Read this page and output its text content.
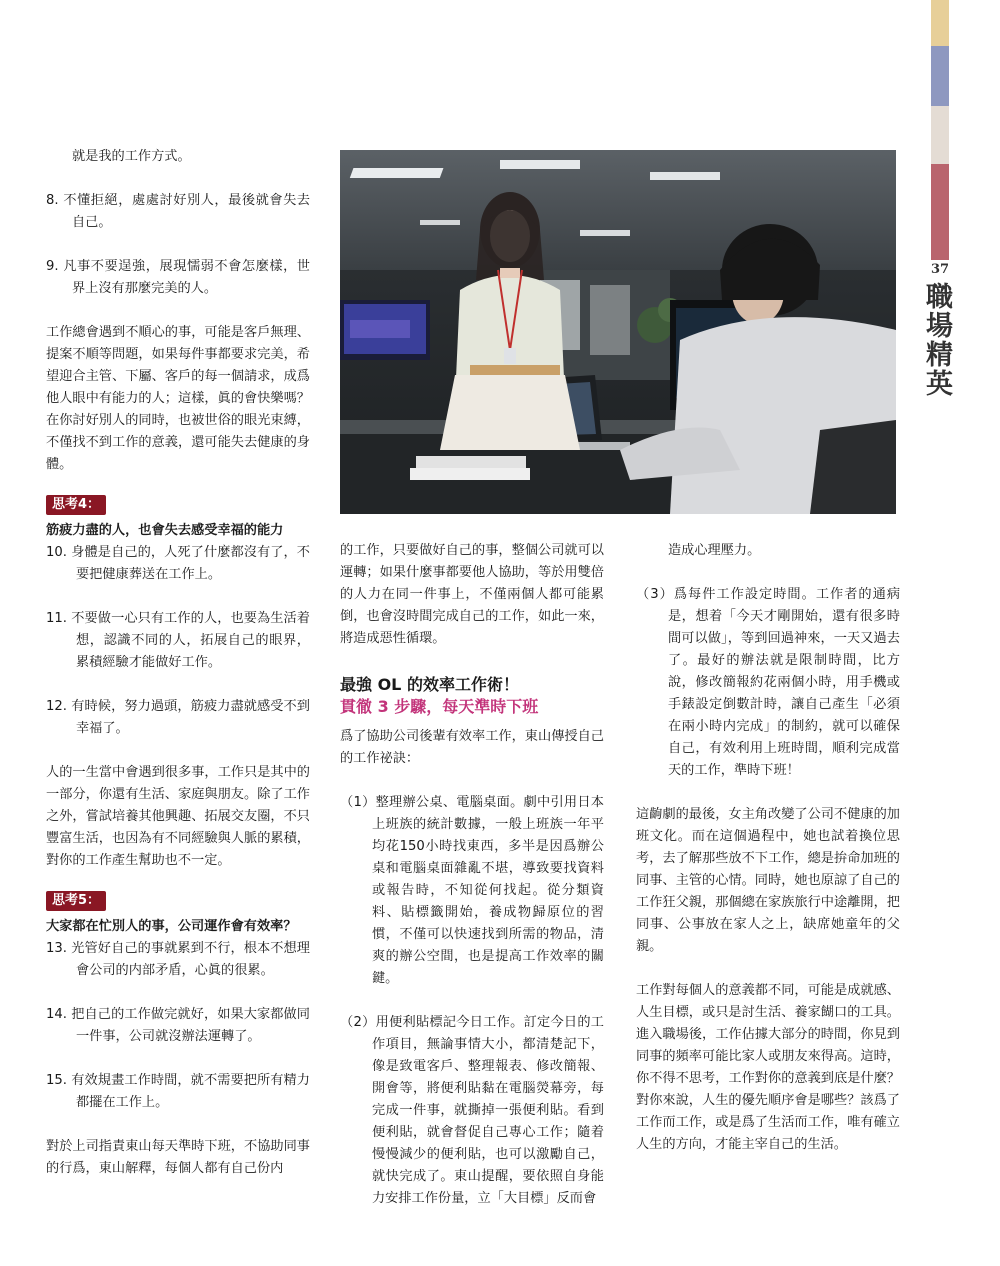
37
職場精英

就是我的工作方式。

8. 不懂拒絕，處處討好別人，最後就會失去自己。

9. 凡事不要逞強，展現懦弱不會怎麼樣，世界上沒有那麼完美的人。

工作總會遇到不順心的事，可能是客戶無理、提案不順等問題，如果每件事都要求完美，希望迎合主管、下屬、客戶的每一個請求，成爲他人眼中有能力的人；這樣，眞的會快樂嗎？在你討好別人的同時，也被世俗的眼光束縛，不僅找不到工作的意義，還可能失去健康的身體。

思考4：

筋疲力盡的人，也會失去感受幸福的能力

10. 身體是自己的，人死了什麼都沒有了，不要把健康葬送在工作上。

11. 不要做一心只有工作的人，也要為生活着想，認識不同的人，拓展自己的眼界，累積經驗才能做好工作。

12. 有時候，努力過頭，筋疲力盡就感受不到幸福了。

人的一生當中會遇到很多事，工作只是其中的一部分，你還有生活、家庭與朋友。除了工作之外，嘗試培養其他興趣、拓展交友圈，不只豐富生活，也因為有不同經驗與人脈的累積，對你的工作產生幫助也不一定。

思考5：

大家都在忙別人的事，公司運作會有效率？

13. 光管好自己的事就累到不行，根本不想理會公司的内部矛盾，心眞的很累。

14. 把自己的工作做完就好，如果大家都做同一件事，公司就沒辦法運轉了。

15. 有效規畫工作時間，就不需要把所有精力都擺在工作上。

對於上司指責東山每天準時下班，不協助同事的行爲，東山解釋，每個人都有自己份内

的工作，只要做好自己的事，整個公司就可以運轉；如果什麼事都要他人協助，等於用雙倍的人力在同一件事上，不僅兩個人都可能累倒，也會沒時間完成自己的工作，如此一來，將造成惡性循環。

最強 OL 的效率工作術！

貫徹 3 步驟，每天準時下班

爲了協助公司後輩有效率工作，東山傳授自己的工作祕訣：

（1）整理辦公桌、電腦桌面。劇中引用日本上班族的統計數據，一般上班族一年平均花150小時找東西，多半是因爲辦公桌和電腦桌面雜亂不堪，導致要找資料或報告時，不知從何找起。從分類資料、貼標籤開始，養成物歸原位的習慣，不僅可以快速找到所需的物品，清爽的辦公空間，也是提高工作效率的關鍵。

（2）用便利貼標記今日工作。訂定今日的工作項目，無論事情大小，都清楚記下，像是致電客戶、整理報表、修改簡報、開會等，將便利貼黏在電腦熒幕旁，每完成一件事，就撕掉一張便利貼。看到便利貼，就會督促自己專心工作；隨着慢慢減少的便利貼，也可以激勵自己，就快完成了。東山提醒，要依照自身能力安排工作份量，立「大目標」反而會

造成心理壓力。

（3）爲每件工作設定時間。工作者的通病是，想着「今天才剛開始，還有很多時間可以做」，等到回過神來，一天又過去了。最好的辦法就是限制時間，比方說，修改簡報約花兩個小時，用手機或手錶設定倒數計時，讓自己產生「必須在兩小時内完成」的制約，就可以確保自己，有效利用上班時間，順利完成當天的工作，準時下班！

這齣劇的最後，女主角改變了公司不健康的加班文化。而在這個過程中，她也試着換位思考，去了解那些放不下工作，總是拚命加班的同事、主管的心情。同時，她也原諒了自己的工作狂父親，那個總在家族旅行中途離開，把同事、公事放在家人之上，缺席她童年的父親。

工作對每個人的意義都不同，可能是成就感、人生目標，或只是討生活、養家餬口的工具。進入職場後，工作佔據大部分的時間，你見到同事的頻率可能比家人或朋友來得高。這時，你不得不思考，工作對你的意義到底是什麼？對你來說，人生的優先順序會是哪些？該爲了工作而工作，或是爲了生活而工作，唯有確立人生的方向，才能主宰自己的生活。
